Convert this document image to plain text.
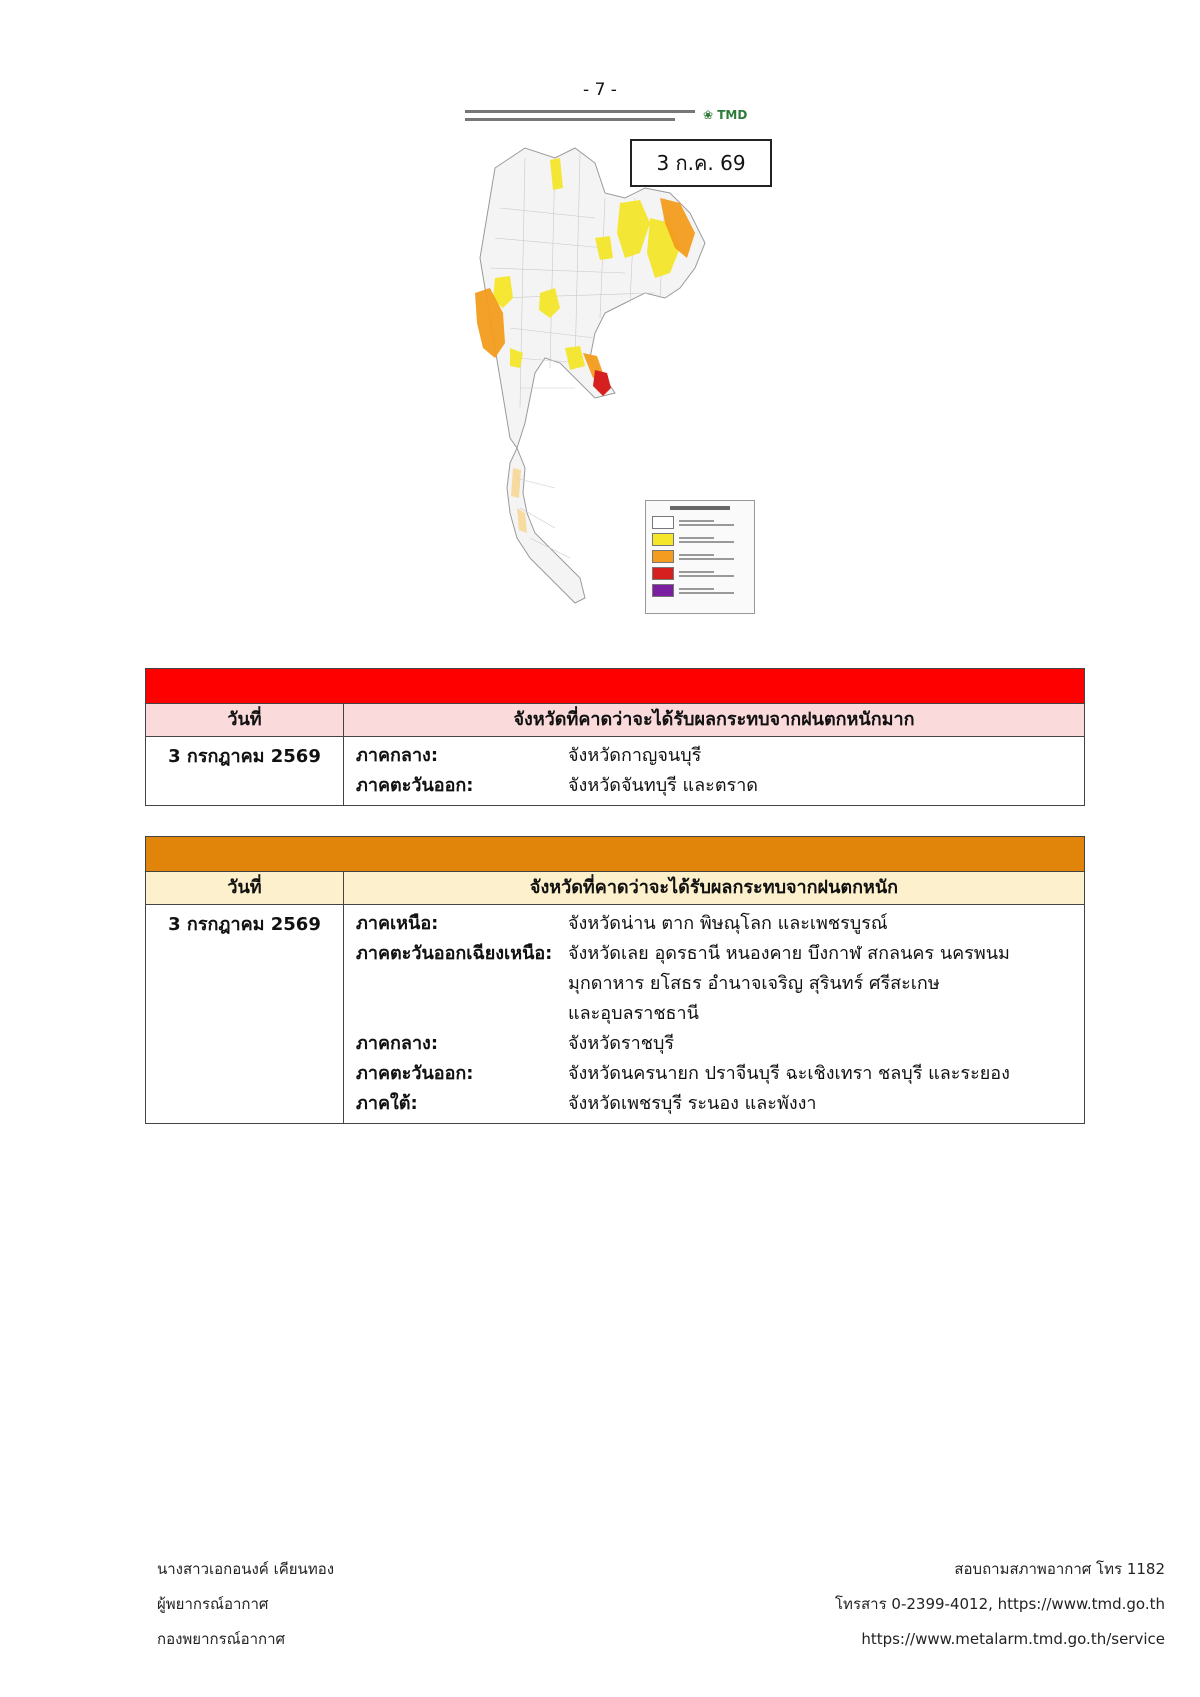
- 7 -
❀ TMD
3 ก.ค. 69
วันที่	จังหวัดที่คาดว่าจะได้รับผลกระทบจากฝนตกหนักมาก
3 กรกฎาคม 2569	ภาคกลาง:	จังหวัดกาญจนบุรี
ภาคตะวันออก:	จังหวัดจันทบุรี และตราด
วันที่	จังหวัดที่คาดว่าจะได้รับผลกระทบจากฝนตกหนัก
3 กรกฎาคม 2569	ภาคเหนือ:	จังหวัดน่าน ตาก พิษณุโลก และเพชรบูรณ์
ภาคตะวันออกเฉียงเหนือ: จังหวัดเลย อุดรธานี หนองคาย บึงกาฬ สกลนคร นครพนม
มุกดาหาร ยโสธร อำนาจเจริญ สุรินทร์ ศรีสะเกษ
และอุบลราชธานี
ภาคกลาง:	จังหวัดราชบุรี
ภาคตะวันออก:	จังหวัดนครนายก ปราจีนบุรี ฉะเชิงเทรา ชลบุรี และระยอง
ภาคใต้:	จังหวัดเพชรบุรี ระนอง และพังงา
นางสาวเอกอนงค์ เคียนทอง
ผู้พยากรณ์อากาศ
กองพยากรณ์อากาศ
สอบถามสภาพอากาศ โทร 1182
โทรสาร 0-2399-4012, https://www.tmd.go.th
https://www.metalarm.tmd.go.th/service
